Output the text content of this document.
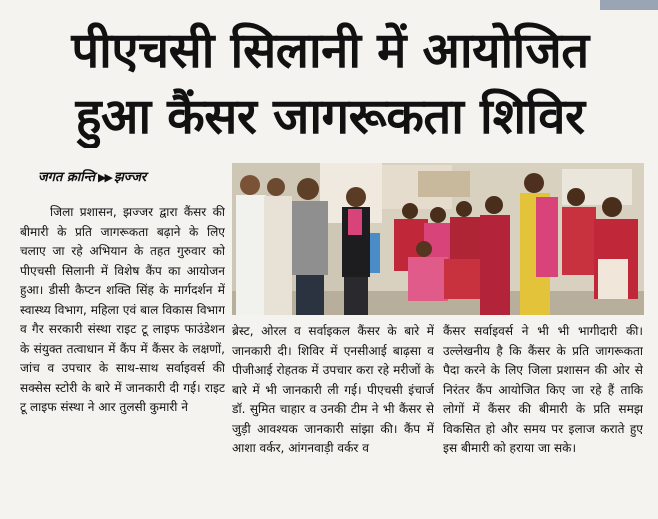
पीएचसी सिलानी में आयोजित
हुआ कैंसर जागरूकता शिविर
जगत क्रान्ति ▶▶ झज्जर
जिला प्रशासन, झज्जर द्वारा कैंसर की बीमारी के प्रति जागरूकता बढ़ाने के लिए चलाए जा रहे अभियान के तहत गुरुवार को पीएचसी सिलानी में विशेष कैंप का आयोजन हुआ। डीसी कैप्टन शक्ति सिंह के मार्गदर्शन में स्वास्थ्य विभाग, महिला एवं बाल विकास विभाग व गैर सरकारी संस्था राइट टू लाइफ फाउंडेशन के संयुक्त तत्वाधान में कैंप में कैंसर के लक्षणों, जांच व उपचार के साथ-साथ सर्वाइवर्स की सक्सेस स्टोरी के बारे में जानकारी दी गई। राइट टू लाइफ संस्था ने आर तुलसी कुमारी ने
ब्रेस्ट, ओरल व सर्वाइकल कैंसर के बारे में जानकारी दी। शिविर में एनसीआई बाढ़सा व पीजीआई रोहतक में उपचार करा रहे मरीजों के बारे में भी जानकारी ली गई। पीएचसी इंचार्ज डॉ. सुमित चाहार व उनकी टीम ने भी कैंसर से जुड़ी आवश्यक जानकारी सांझा की। कैंप में आशा वर्कर, आंगनवाड़ी वर्कर व
कैंसर सर्वाइवर्स ने भी भी भागीदारी की। उल्लेखनीय है कि कैंसर के प्रति जागरूकता पैदा करने के लिए जिला प्रशासन की ओर से निरंतर कैंप आयोजित किए जा रहे हैं ताकि लोगों में कैंसर की बीमारी के प्रति समझ विकसित हो और समय पर इलाज कराते हुए इस बीमारी को हराया जा सके।
